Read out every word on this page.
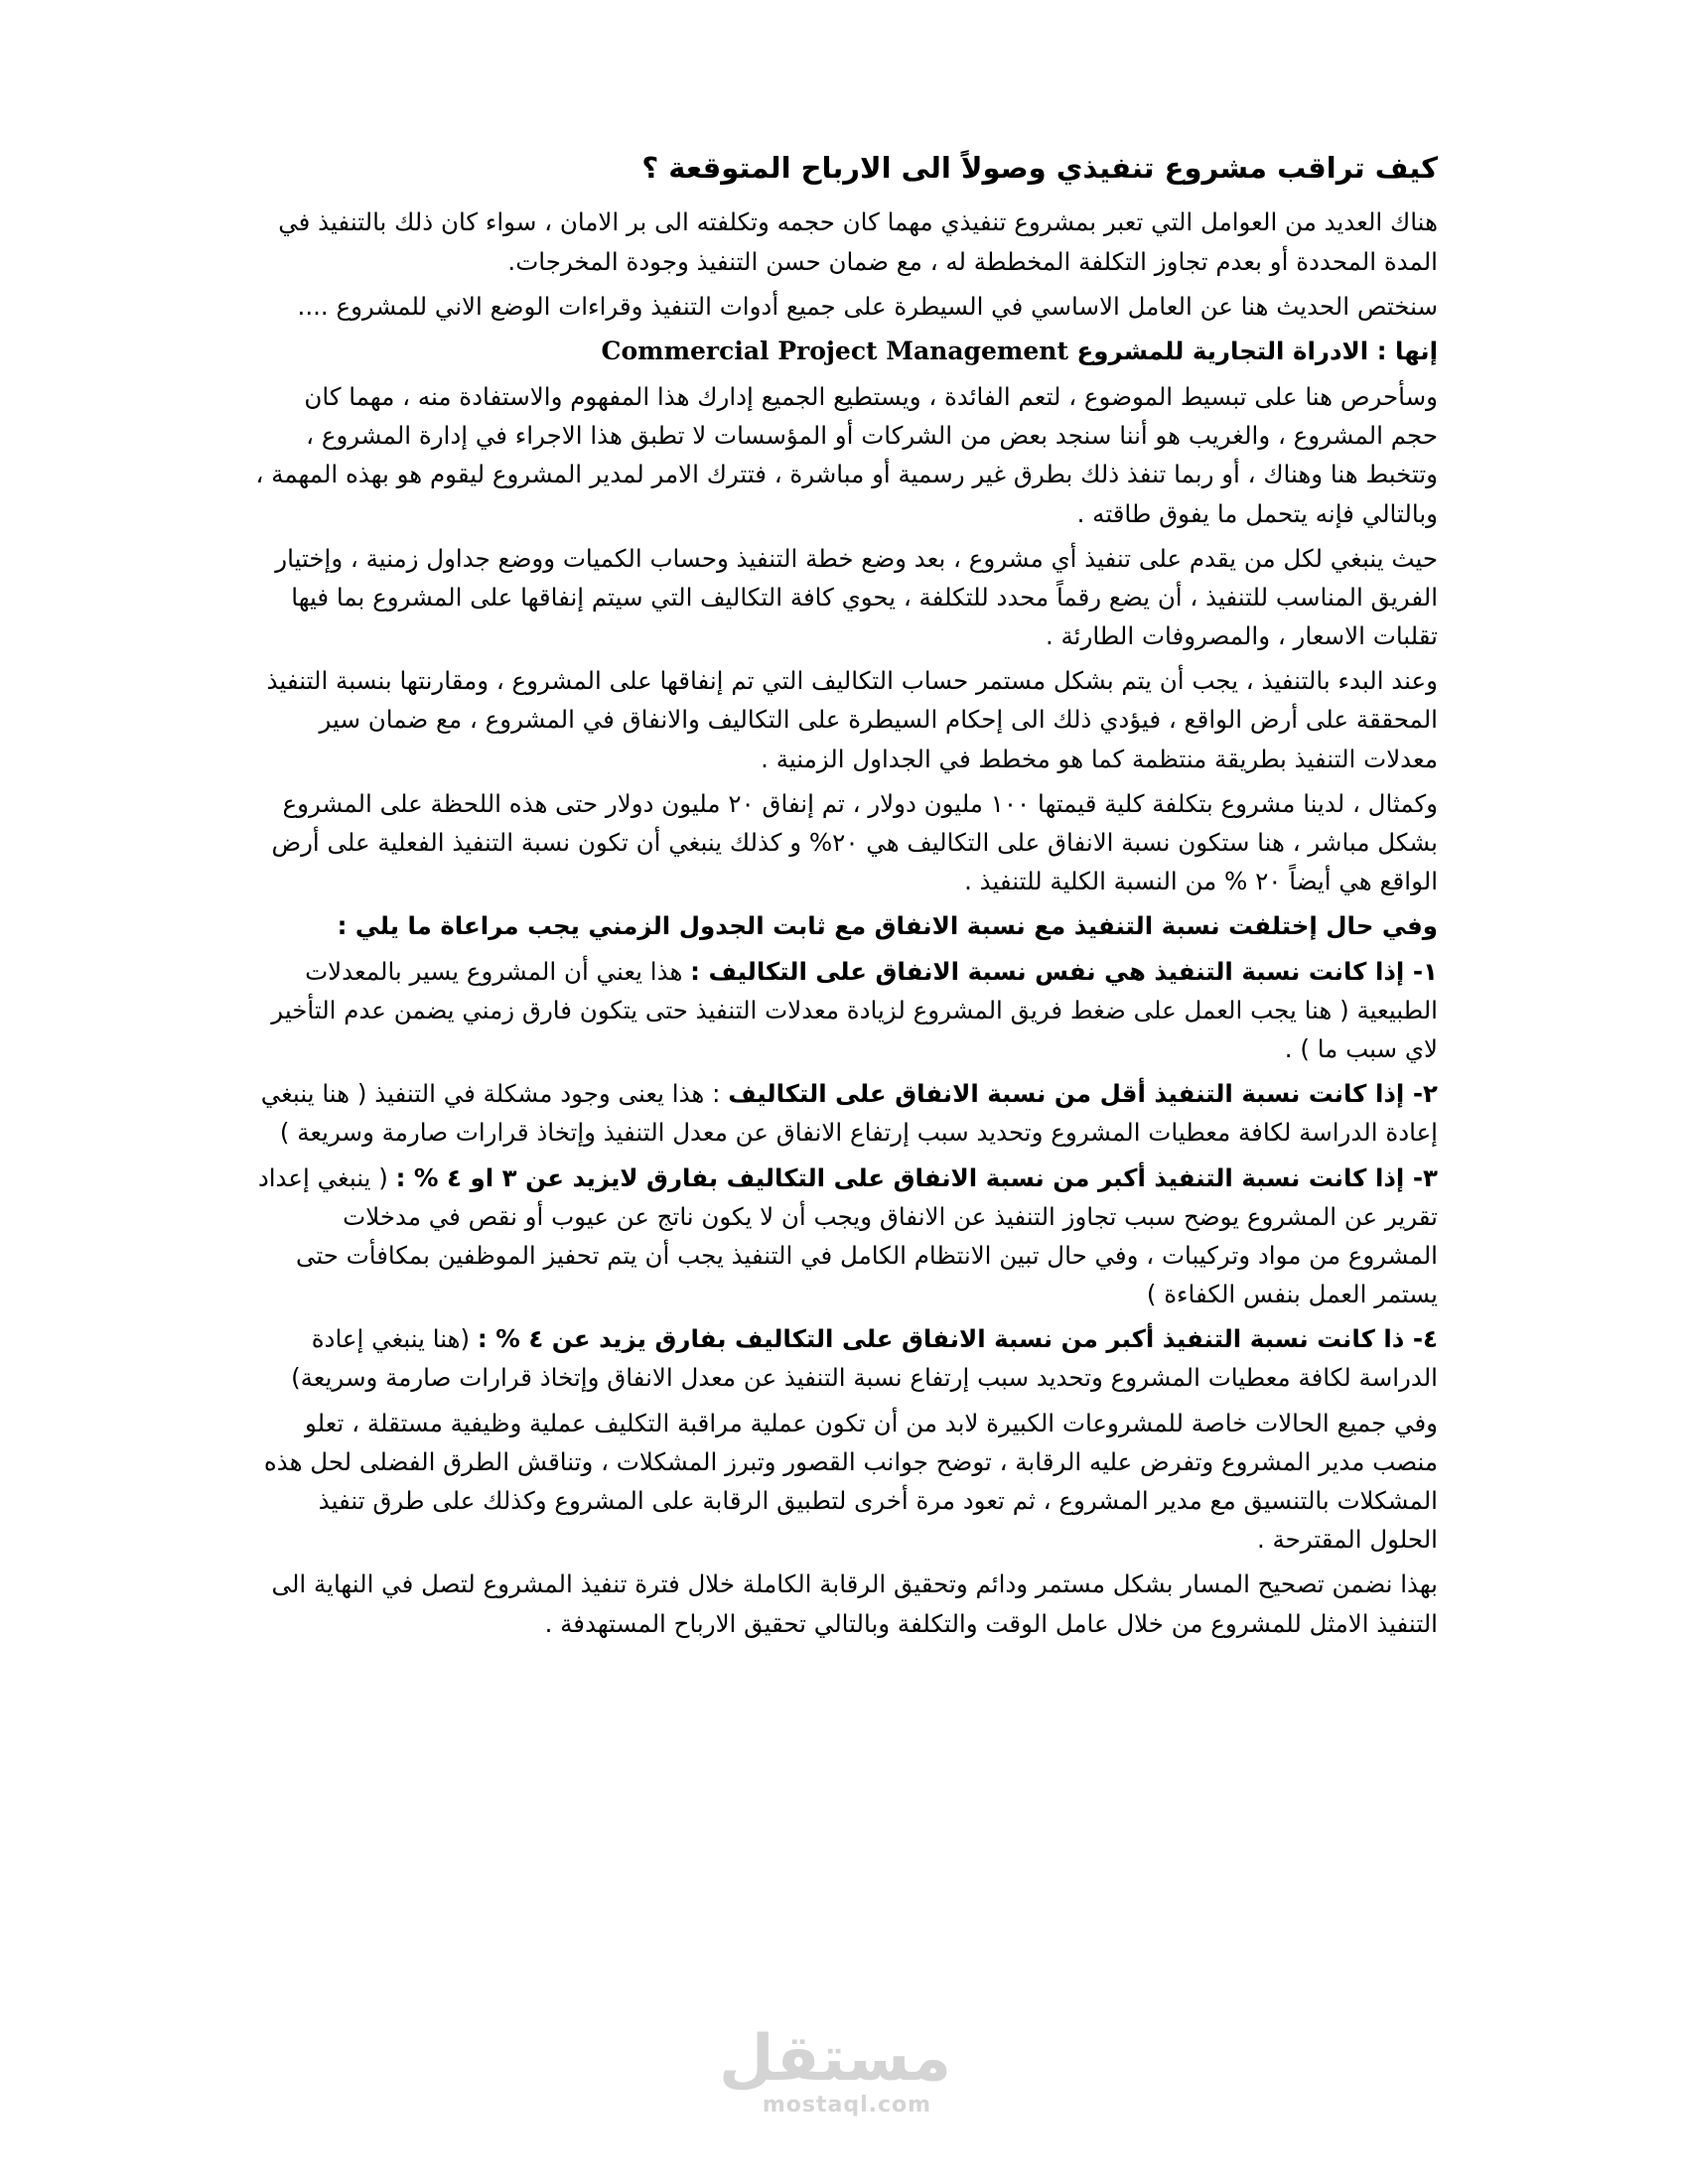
كيف تراقب مشروع تنفيذي وصولاً الى الارباح المتوقعة ؟
هناك العديد من العوامل التي تعبر بمشروع تنفيذي مهما كان حجمه وتكلفته الى بر الامان ، سواء كان ذلك بالتنفيذ في المدة المحددة أو بعدم تجاوز التكلفة المخططة له ، مع ضمان حسن التنفيذ وجودة المخرجات.
سنختص الحديث هنا عن العامل الاساسي في السيطرة على جميع أدوات التنفيذ وقراءات الوضع الاني للمشروع ....
إنها : الادراة التجارية للمشروع Commercial Project Management
وسأحرص هنا على تبسيط الموضوع ، لتعم الفائدة ، ويستطيع الجميع إدارك هذا المفهوم والاستفادة منه ، مهما كان حجم المشروع ، والغريب هو أننا سنجد بعض من الشركات أو المؤسسات لا تطبق هذا الاجراء في إدارة المشروع ، وتتخبط هنا وهناك ، أو ربما تنفذ ذلك بطرق غير رسمية أو مباشرة ، فتترك الامر لمدير المشروع ليقوم هو بهذه المهمة ، وبالتالي فإنه يتحمل ما يفوق طاقته .
حيث ينبغي لكل من يقدم على تنفيذ أي مشروع ، بعد وضع خطة التنفيذ وحساب الكميات ووضع جداول زمنية ، وإختيار الفريق المناسب للتنفيذ ، أن يضع رقماً محدد للتكلفة ، يحوي كافة التكاليف التي سيتم إنفاقها على المشروع بما فيها تقلبات الاسعار ، والمصروفات الطارئة .
وعند البدء بالتنفيذ ، يجب أن يتم بشكل مستمر حساب التكاليف التي تم إنفاقها على المشروع ، ومقارنتها بنسبة التنفيذ المحققة على أرض الواقع ، فيؤدي ذلك الى إحكام السيطرة على التكاليف والانفاق في المشروع ، مع ضمان سير معدلات التنفيذ بطريقة منتظمة كما هو مخطط في الجداول الزمنية .
وكمثال ، لدينا مشروع بتكلفة كلية قيمتها ١٠٠ مليون دولار ، تم إنفاق ٢٠ مليون دولار حتى هذه اللحظة على المشروع بشكل مباشر ، هنا ستكون نسبة الانفاق على التكاليف هي ٢٠% و كذلك ينبغي أن تكون نسبة التنفيذ الفعلية على أرض الواقع هي أيضاً ٢٠ % من النسبة الكلية للتنفيذ .
وفي حال إختلفت نسبة التنفيذ مع نسبة الانفاق مع ثابت الجدول الزمني يجب مراعاة ما يلي :
١- إذا كانت نسبة التنفيذ هي نفس نسبة الانفاق على التكاليف : هذا يعني أن المشروع يسير بالمعدلات الطبيعية ( هنا يجب العمل على ضغط فريق المشروع لزيادة معدلات التنفيذ حتى يتكون فارق زمني يضمن عدم التأخير لاي سبب ما ) .
٢- إذا كانت نسبة التنفيذ أقل من نسبة الانفاق على التكاليف : هذا يعنى وجود مشكلة في التنفيذ ( هنا ينبغي إعادة الدراسة لكافة معطيات المشروع وتحديد سبب إرتفاع الانفاق عن معدل التنفيذ وإتخاذ قرارات صارمة وسريعة )
٣- إذا كانت نسبة التنفيذ أكبر من نسبة الانفاق على التكاليف بفارق لايزيد عن ٣ او ٤ % : ( ينبغي إعداد تقرير عن المشروع يوضح سبب تجاوز التنفيذ عن الانفاق ويجب أن لا يكون ناتج عن عيوب أو نقص في مدخلات المشروع من مواد وتركيبات ، وفي حال تبين الانتظام الكامل في التنفيذ يجب أن يتم تحفيز الموظفين بمكافأت حتى يستمر العمل بنفس الكفاءة )
٤- ذا كانت نسبة التنفيذ أكبر من نسبة الانفاق على التكاليف بفارق يزيد عن ٤ % : (هنا ينبغي إعادة الدراسة لكافة معطيات المشروع وتحديد سبب إرتفاع نسبة التنفيذ عن معدل الانفاق وإتخاذ قرارات صارمة وسريعة)
وفي جميع الحالات خاصة للمشروعات الكبيرة لابد من أن تكون عملية مراقبة التكليف عملية وظيفية مستقلة ، تعلو منصب مدير المشروع وتفرض عليه الرقابة ، توضح جوانب القصور وتبرز المشكلات ، وتناقش الطرق الفضلى لحل هذه المشكلات بالتنسيق مع مدير المشروع ، ثم تعود مرة أخرى لتطبيق الرقابة على المشروع وكذلك على طرق تنفيذ الحلول المقترحة .
بهذا نضمن تصحيح المسار بشكل مستمر ودائم وتحقيق الرقابة الكاملة خلال فترة تنفيذ المشروع لتصل في النهاية الى التنفيذ الامثل للمشروع من خلال عامل الوقت والتكلفة وبالتالي تحقيق الارباح المستهدفة .
مستقل
mostaql.com
